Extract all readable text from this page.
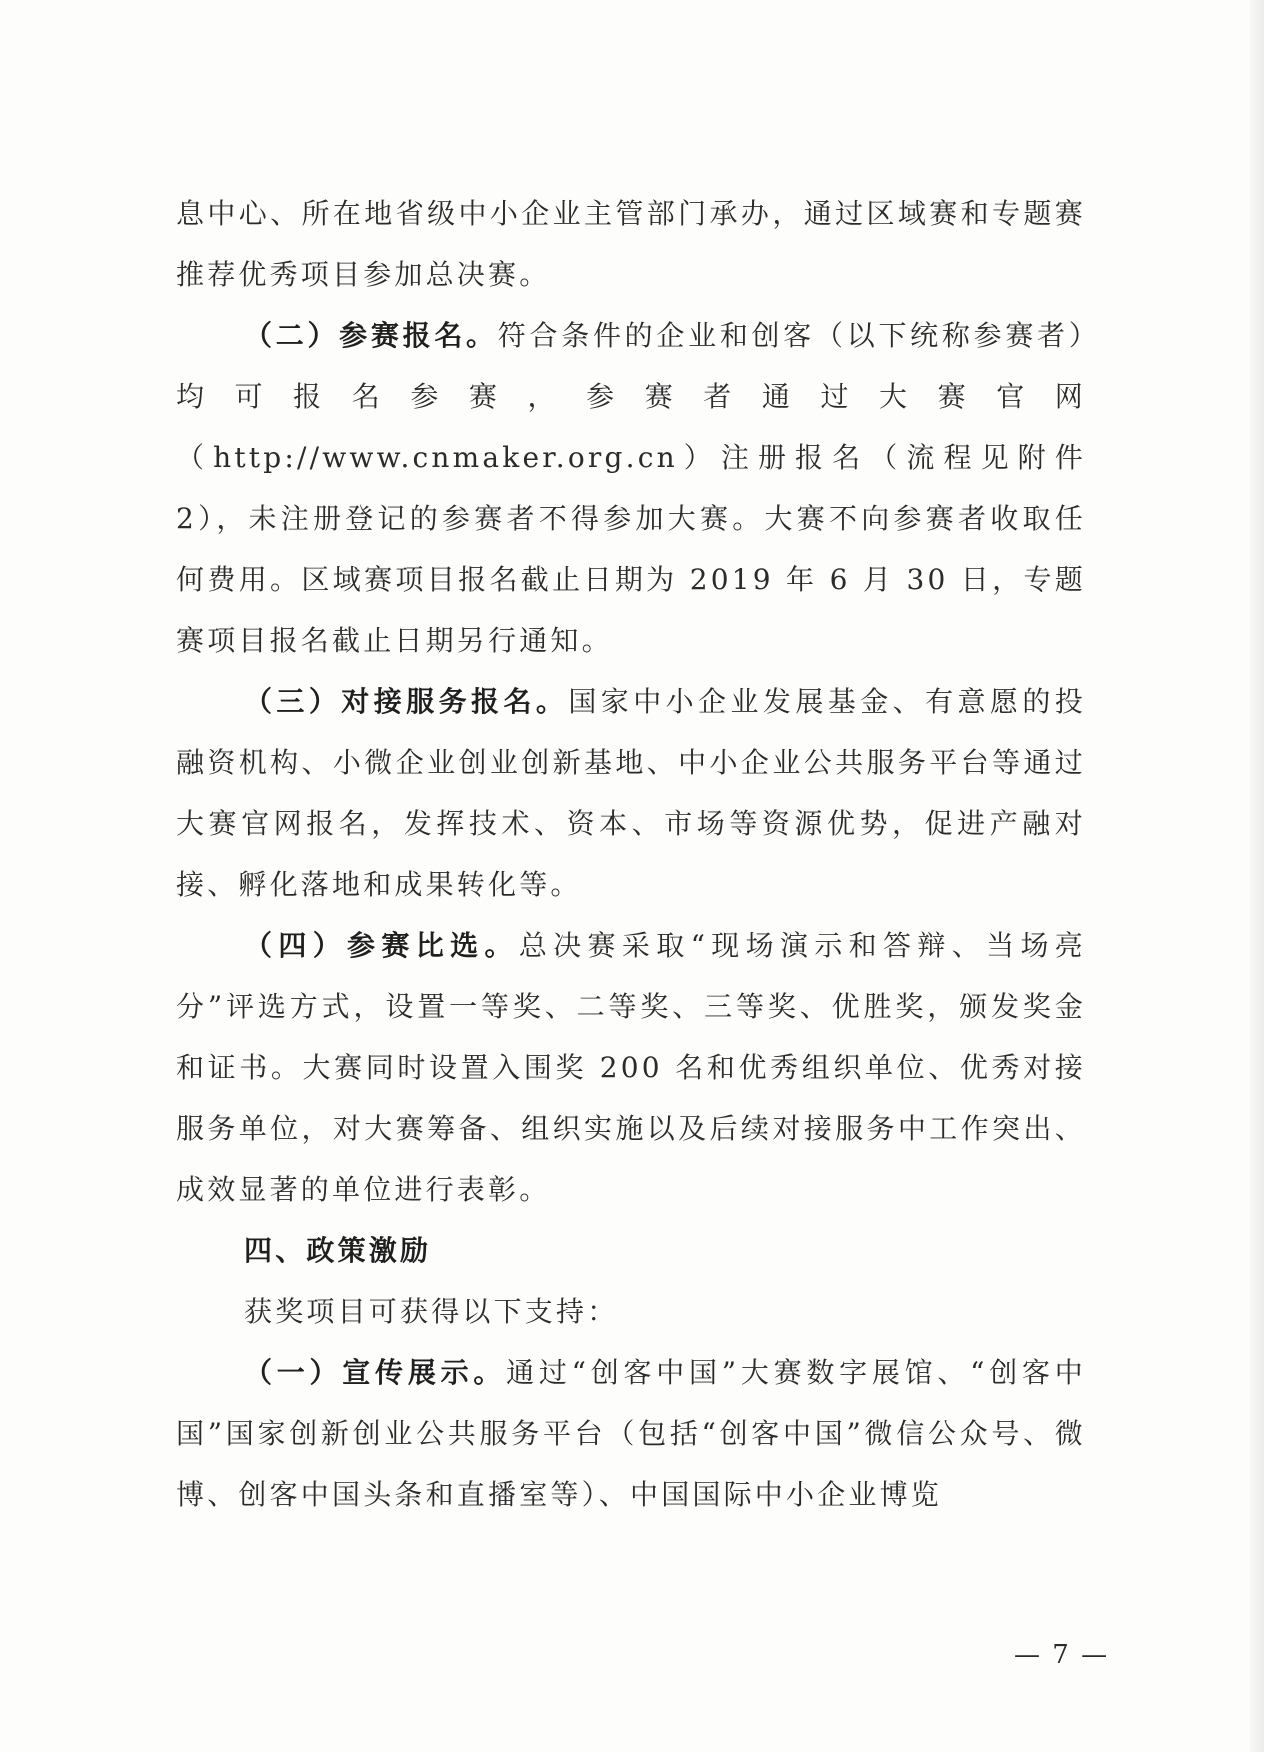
息中心、所在地省级中小企业主管部门承办，通过区域赛和专题赛推荐优秀项目参加总决赛。

（二）参赛报名。符合条件的企业和创客（以下统称参赛者）均可报名参赛，参赛者通过大赛官网（http://www.cnmaker.org.cn）注册报名（流程见附件 2），未注册登记的参赛者不得参加大赛。大赛不向参赛者收取任何费用。区域赛项目报名截止日期为 2019 年 6 月 30 日，专题赛项目报名截止日期另行通知。

（三）对接服务报名。国家中小企业发展基金、有意愿的投融资机构、小微企业创业创新基地、中小企业公共服务平台等通过大赛官网报名，发挥技术、资本、市场等资源优势，促进产融对接、孵化落地和成果转化等。

（四）参赛比选。总决赛采取“现场演示和答辩、当场亮分”评选方式，设置一等奖、二等奖、三等奖、优胜奖，颁发奖金和证书。大赛同时设置入围奖 200 名和优秀组织单位、优秀对接服务单位，对大赛筹备、组织实施以及后续对接服务中工作突出、成效显著的单位进行表彰。

四、政策激励

获奖项目可获得以下支持：

（一）宣传展示。通过“创客中国”大赛数字展馆、“创客中国”国家创新创业公共服务平台（包括“创客中国”微信公众号、微博、创客中国头条和直播室等）、中国国际中小企业博览

— 7 —
